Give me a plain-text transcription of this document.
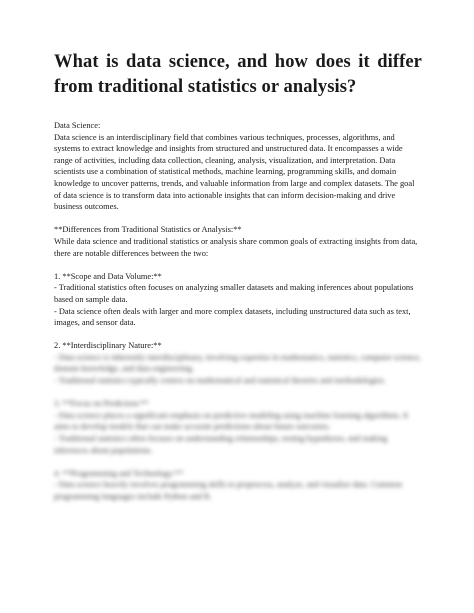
What is data science, and how does it differ from traditional statistics or analysis?

Data Science:

Data science is an interdisciplinary field that combines various techniques, processes, algorithms, and systems to extract knowledge and insights from structured and unstructured data. It encompasses a wide range of activities, including data collection, cleaning, analysis, visualization, and interpretation. Data scientists use a combination of statistical methods, machine learning, programming skills, and domain knowledge to uncover patterns, trends, and valuable information from large and complex datasets. The goal of data science is to transform data into actionable insights that can inform decision-making and drive business outcomes.

**Differences from Traditional Statistics or Analysis:**

While data science and traditional statistics or analysis share common goals of extracting insights from data, there are notable differences between the two:

1. **Scope and Data Volume:**

- Traditional statistics often focuses on analyzing smaller datasets and making inferences about populations based on sample data.
- Data science often deals with larger and more complex datasets, including unstructured data such as text, images, and sensor data.

2. **Interdisciplinary Nature:**

- Data science is inherently interdisciplinary, involving expertise in mathematics, statistics, computer science, domain knowledge, and data engineering.
- Traditional statistics typically centers on mathematical and statistical theories and methodologies.

3. **Focus on Prediction:**

- Data science places a significant emphasis on predictive modeling using machine learning algorithms. It aims to develop models that can make accurate predictions about future outcomes.
- Traditional statistics often focuses on understanding relationships, testing hypotheses, and making inferences about populations.

4. **Programming and Technology:**

- Data science heavily involves programming skills to preprocess, analyze, and visualize data. Common programming languages include Python and R.
